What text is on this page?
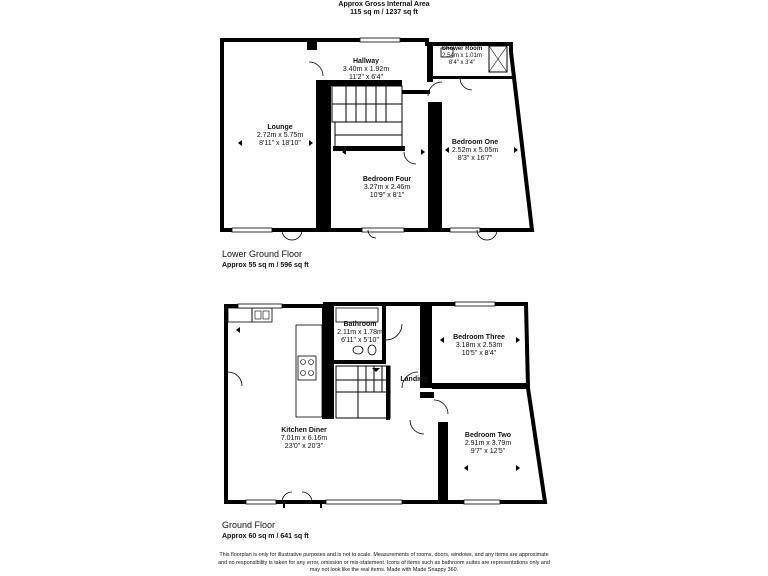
Approx Gross Internal Area
115 sq m / 1237 sq ft
Hallway
3.40m x 1.92m
11'2" x 6'4"
Shower Room
2.54m x 1.01m
8'4" x 3'4"
Lounge
2.72m x 5.75m
8'11" x 18'10"	Bedroom One
2.52m x 5.05m
8'3" x 16'7"
Bedroom Four
3.27m x 2.46m
10'9" x 8'1"
Lower Ground Floor
Approx 55 sq m / 596 sq ft
Bathroom
2.11m x 1.78m
6'11" x 5'10"	Bedroom Three
3.18m x 2.53m
10'5" x 8'4"
Landing
Kitchen Diner
7.01m x 6.16m
23'0" x 20'3"
Bedroom Two
2.91m x 3.79m
9'7" x 12'5"
Ground Floor
Approx 60 sq m / 641 sq ft
This floorplan is only for illustrative purposes and is not to scale. Measurements of rooms, doors, windows, and any items are approximate
and no responsibility is taken for any error, omission or mis-statement. Icons of items such as bathroom suites are representations only and
may not look like the real items. Made with Made Snappy 360.
